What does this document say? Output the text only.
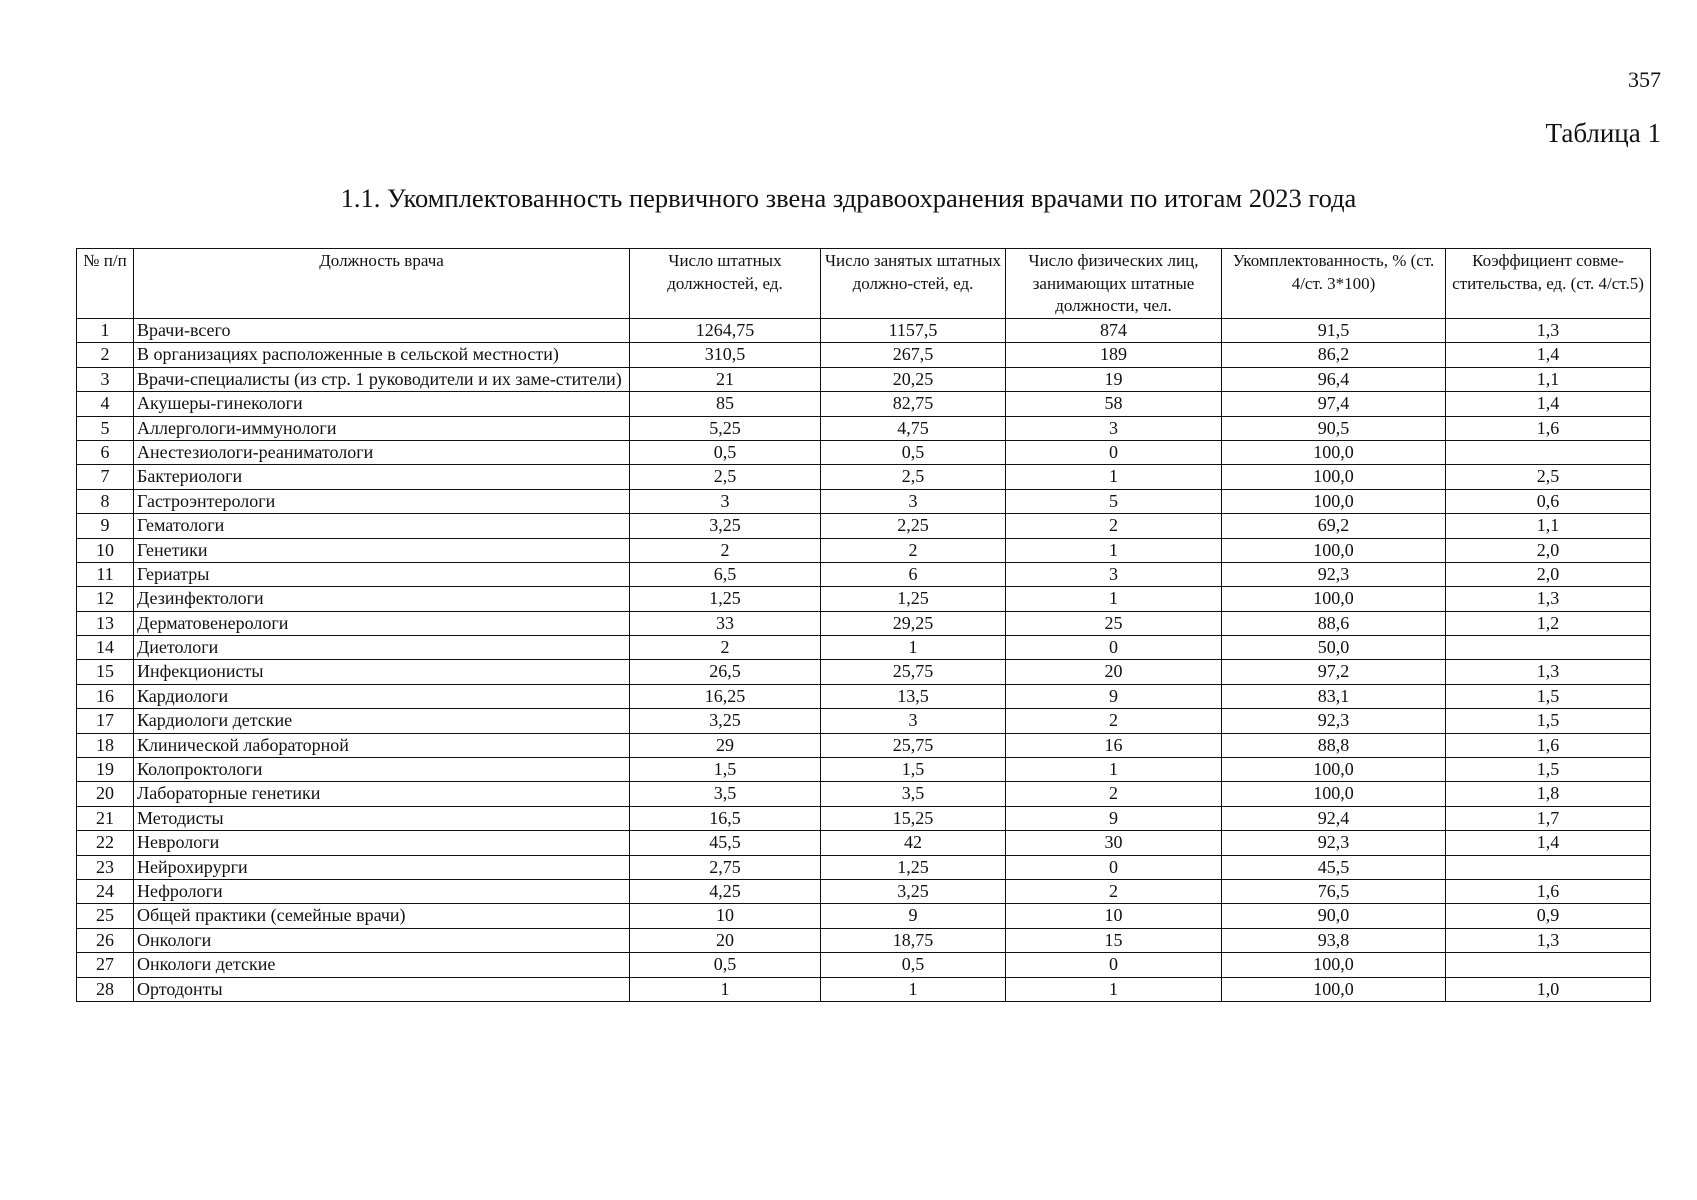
357
Таблица 1
1.1. Укомплектованность первичного звена здравоохранения врачами по итогам 2023 года
№ п/п	Должность врача	Число штатных должностей, ед.	Число занятых штатных должно-стей, ед.	Число физических лиц, занимающих штатные должности, чел.	Укомплектованность, % (ст. 4/ст. 3*100)	Коэффициент совме-стительства, ед. (ст. 4/ст.5)
1	Врачи-всего	1264,75	1157,5	874	91,5	1,3
2	В организациях расположенные в сельской местности)	310,5	267,5	189	86,2	1,4
3	Врачи-специалисты (из стр. 1 руководители и их заме-стители)	21	20,25	19	96,4	1,1
4	Акушеры-гинекологи	85	82,75	58	97,4	1,4
5	Аллергологи-иммунологи	5,25	4,75	3	90,5	1,6
6	Анестезиологи-реаниматологи	0,5	0,5	0	100,0	
7	Бактериологи	2,5	2,5	1	100,0	2,5
8	Гастроэнтерологи	3	3	5	100,0	0,6
9	Гематологи	3,25	2,25	2	69,2	1,1
10	Генетики	2	2	1	100,0	2,0
11	Гериатры	6,5	6	3	92,3	2,0
12	Дезинфектологи	1,25	1,25	1	100,0	1,3
13	Дерматовенерологи	33	29,25	25	88,6	1,2
14	Диетологи	2	1	0	50,0	
15	Инфекционисты	26,5	25,75	20	97,2	1,3
16	Кардиологи	16,25	13,5	9	83,1	1,5
17	Кардиологи детские	3,25	3	2	92,3	1,5
18	Клинической лабораторной	29	25,75	16	88,8	1,6
19	Колопроктологи	1,5	1,5	1	100,0	1,5
20	Лабораторные генетики	3,5	3,5	2	100,0	1,8
21	Методисты	16,5	15,25	9	92,4	1,7
22	Неврологи	45,5	42	30	92,3	1,4
23	Нейрохирурги	2,75	1,25	0	45,5	
24	Нефрологи	4,25	3,25	2	76,5	1,6
25	Общей практики (семейные врачи)	10	9	10	90,0	0,9
26	Онкологи	20	18,75	15	93,8	1,3
27	Онкологи детские	0,5	0,5	0	100,0	
28	Ортодонты	1	1	1	100,0	1,0
